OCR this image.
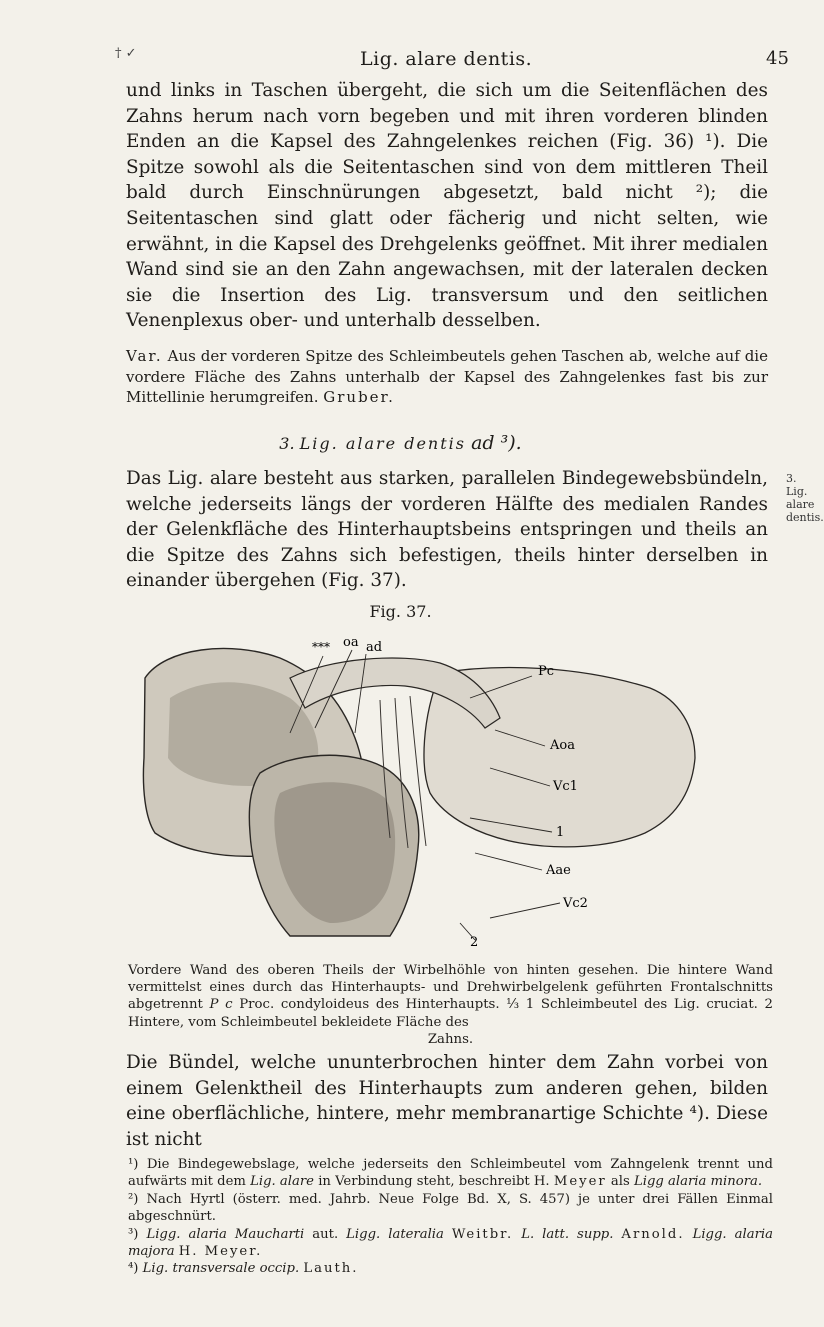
† ✓	Lig. alare dentis.	45

und links in Taschen übergeht, die sich um die Seitenflächen des Zahns herum nach vorn begeben und mit ihren vorderen blinden Enden an die Kapsel des Zahngelenkes reichen (Fig. 36) ¹). Die Spitze sowohl als die Seitentaschen sind von dem mittleren Theil bald durch Einschnürungen abgesetzt, bald nicht ²); die Seitentaschen sind glatt oder fächerig und nicht selten, wie erwähnt, in die Kapsel des Drehgelenks geöffnet. Mit ihrer medialen Wand sind sie an den Zahn angewachsen, mit der lateralen decken sie die Insertion des Lig. transversum und den seitlichen Venenplexus ober- und unterhalb desselben.

Var. Aus der vorderen Spitze des Schleimbeutels gehen Taschen ab, welche auf die vordere Fläche des Zahns unterhalb der Kapsel des Zahngelenkes fast bis zur Mittellinie herumgreifen. Gruber.

3. Lig. alare dentis ad ³).

Das Lig. alare besteht aus starken, parallelen Bindegewebsbündeln, welche jederseits längs der vorderen Hälfte des medialen Randes der Gelenkfläche des Hinterhauptsbeins entspringen und theils an die Spitze des Zahns sich befestigen, theils hinter derselben in einander übergehen (Fig. 37).

3. Lig. alare
dentis.
Fig. 37.
*** oa ad
Pc
Aoa
Vc1
1
Aae
Vc2
2

Vordere Wand des oberen Theils der Wirbelhöhle von hinten gesehen. Die hintere Wand vermittelst eines durch das Hinterhaupts- und Drehwirbelgelenk geführten Frontalschnitts abgetrennt P c Proc. condyloideus des Hinterhaupts. ⅓ 1 Schleimbeutel des Lig. cruciat. 2 Hintere, vom Schleimbeutel bekleidete Fläche des
Zahns.

Die Bündel, welche ununterbrochen hinter dem Zahn vorbei von einem Gelenktheil des Hinterhaupts zum anderen gehen, bilden eine oberflächliche, hintere, mehr membranartige Schichte ⁴). Diese ist nicht

¹) Die Bindegewebslage, welche jederseits den Schleimbeutel vom Zahngelenk trennt und aufwärts mit dem Lig. alare in Verbindung steht, beschreibt H. Meyer als Ligg alaria minora.

²) Nach Hyrtl (österr. med. Jahrb. Neue Folge Bd. X, S. 457) je unter drei Fällen Einmal abgeschnürt.

³) Ligg. alaria Maucharti aut. Ligg. lateralia Weitbr. L. latt. supp. Arnold. Ligg. alaria majora H. Meyer.

⁴) Lig. transversale occip. Lauth.
